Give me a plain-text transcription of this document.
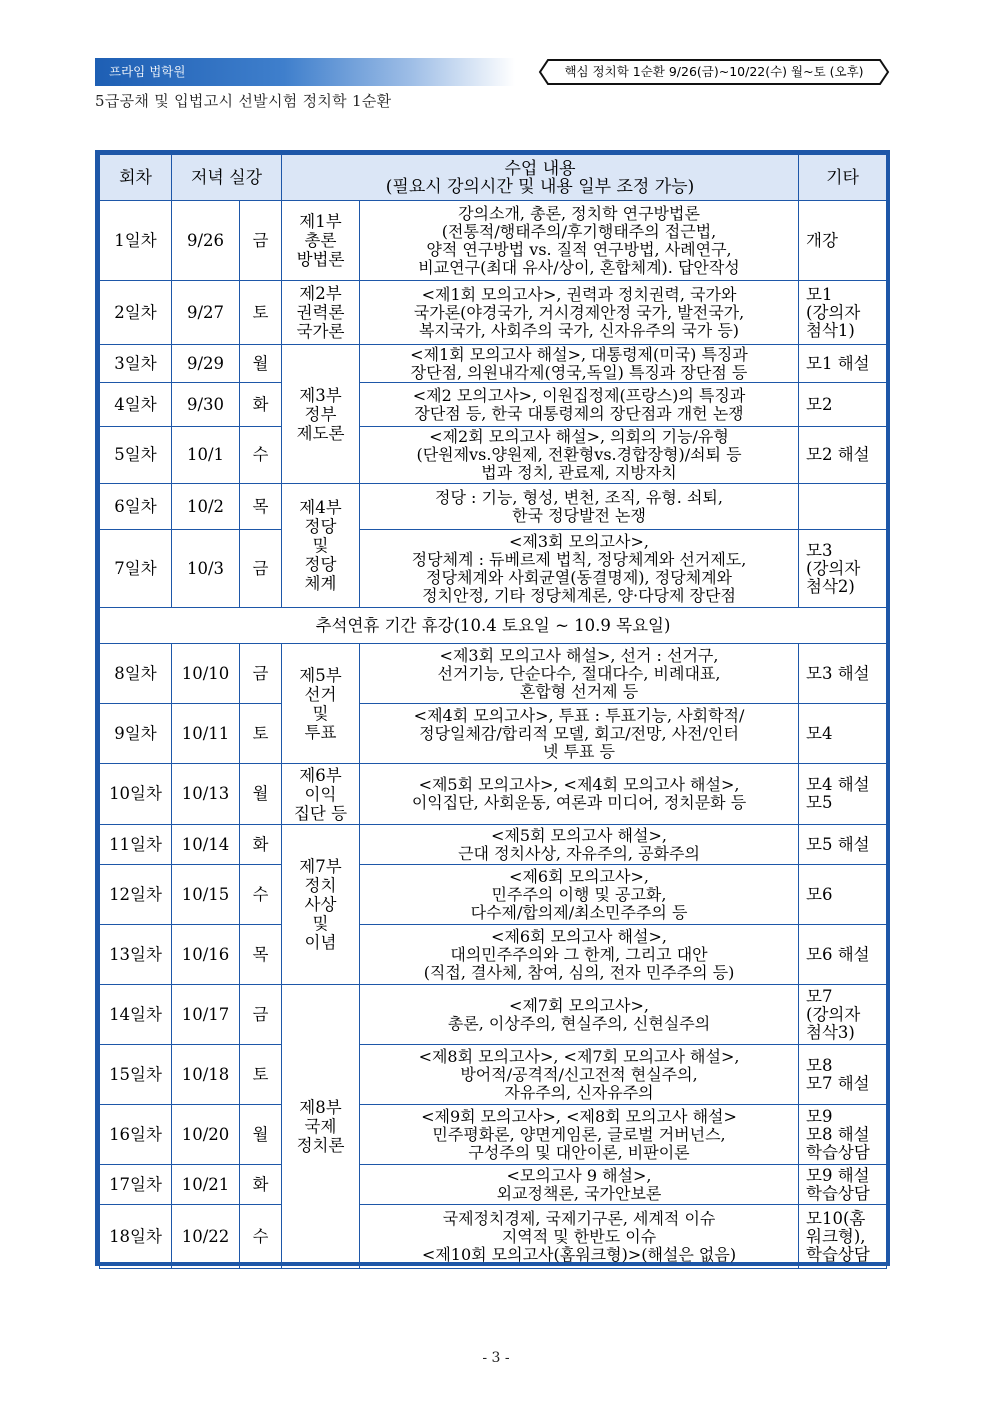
프라임 법학원	핵심 정치학 1순환 9/26(금)~10/22(수) 월~토 (오후)
5급공채 및 입법고시 선발시험 정치학 1순환
회차	저녁 실강		수업 내용
(필요시 강의시간 및 내용 일부 조정 가능)		기타
1일차	9/26	금	제1부
총론
방법론	강의소개, 총론, 정치학 연구방법론
(전통적/행태주의/후기행태주의 접근법,
양적 연구방법 vs. 질적 연구방법, 사례연구,
비교연구(최대 유사/상이, 혼합체계). 답안작성	개강

2일차	9/27	토	제2부
권력론
국가론	<제1회 모의고사>, 권력과 정치권력, 국가와
국가론(야경국가, 거시경제안정 국가, 발전국가,
복지국가, 사회주의 국가, 신자유주의 국가 등)	모1
(강의자
첨삭1)

3일차	9/29	월	제3부
정부
제도론	<제1회 모의고사 해설>, 대통령제(미국) 특징과
장단점, 의원내각제(영국,독일) 특징과 장단점 등	모1 해설

4일차	9/30	화		<제2 모의고사>, 이원집정제(프랑스)의 특징과
장단점 등, 한국 대통령제의 장단점과 개헌 논쟁	모2

5일차	10/1	수		<제2회 모의고사 해설>, 의회의 기능/유형
(단원제vs.양원제, 전환형vs.경합장형)/쇠퇴 등
법과 정치, 관료제, 지방자치	모2 해설

6일차	10/2	목	제4부
정당
및
정당
체계	정당 : 기능, 형성, 변천, 조직, 유형. 쇠퇴,
한국 정당발전 논쟁	

7일차	10/3	금		<제3회 모의고사>,
정당체계 : 듀베르제 법칙, 정당체계와 선거제도,
정당체계와 사회균열(동결명제), 정당체계와
정치안정, 기타 정당체계론, 양·다당제 장단점	모3
(강의자
첨삭2)

추석연휴 기간 휴강(10.4 토요일 ~ 10.9 목요일)					
8일차	10/10	금	제5부
선거
및
투표	<제3회 모의고사 해설>, 선거 : 선거구,
선거기능, 단순다수, 절대다수, 비례대표,
혼합형 선거제 등	모3 해설

9일차	10/11	토		<제4회 모의고사>, 투표 : 투표기능, 사회학적/
정당일체감/합리적 모델, 회고/전망, 사전/인터
넷 투표 등	모4

10일차	10/13	월	제6부
이익
집단 등	<제5회 모의고사>, <제4회 모의고사 해설>,
이익집단, 사회운동, 여론과 미디어, 정치문화 등	모4 해설
모5

11일차	10/14	화	제7부
정치
사상
및
이념	<제5회 모의고사 해설>,
근대 정치사상, 자유주의, 공화주의	모5 해설

12일차	10/15	수		<제6회 모의고사>,
민주주의 이행 및 공고화,
다수제/합의제/최소민주주의 등	모6

13일차	10/16	목		<제6회 모의고사 해설>,
대의민주주의와 그 한계, 그리고 대안
(직접, 결사체, 참여, 심의, 전자 민주주의 등)	모6 해설

14일차	10/17	금	제8부
국제
정치론	<제7회 모의고사>,
총론, 이상주의, 현실주의, 신현실주의	모7
(강의자
첨삭3)

15일차	10/18	토		<제8회 모의고사>, <제7회 모의고사 해설>,
방어적/공격적/신고전적 현실주의,
자유주의, 신자유주의	모8
모7 해설

16일차	10/20	월		<제9회 모의고사>, <제8회 모의고사 해설>
민주평화론, 양면게임론, 글로벌 거버넌스,
구성주의 및 대안이론, 비판이론	모9
모8 해설
학습상담

17일차	10/21	화		<모의고사 9 해설>,
외교정책론, 국가안보론	모9 해설
학습상담

18일차	10/22	수		국제정치경제, 국제기구론, 세계적 이슈
지역적 및 한반도 이슈
<제10회 모의고사(홈워크형)>(해설은 없음)	모10(홈
워크형),
학습상담
- 3 -
